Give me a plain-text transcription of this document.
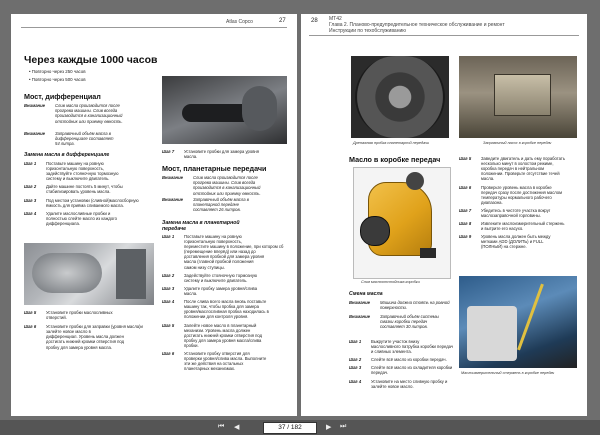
Atlas Copco	27
Через каждые 1000 часов
• Повторно через 250 часов
• Повторно через 500 часов
Мост, дифференциал
Внимание Слив масла производится после
прогрева машины. Слив всегда
производится в канализационный
отстойник или приемку емкость.
Внимание Заправочный объём масла в
дифференциале составляет
54 литра.
Замена масла в дифференциале
Шаг 1 Поставьте машину на ровную
горизонтальную поверхность,
задействуйте стояночную тормозную
систему и выключите двигатель.
Шаг 2 Дайте машине постоять 5 минут, чтобы
стабилизировать уровень масла.
Шаг 3 Под местом установки (сливной)маслосборную
ёмкость для приёма сливаемого масла.
Шаг 4 Удалите маслосливные пробки и
полностью слейте масло из каждого
дифференциала.
Шаг 5 Установите пробки маслосливных
отверстий.
Шаг 6 Установите пробки для заправки (уровня масла)и
залейте новое масло в
дифференциал. Уровень масла должен
достигать нижней кромки отверстия под
пробку для замера уровня масла.
Шаг 7 Установите пробки для замера уровня
масла.
Мост, планетарные передачи
Внимание Слив масла производится после
прогрева машины. Слив всегда
производится в канализационный
отстойник или приемку емкость.
Внимание Заправочный объём масла в
планетарной передаче
составляет 26 литров.
Замена масла в планетарной
передаче
Шаг 1 Поставьте машину на ровную
горизонтальную поверхность,
переместите машину в положение, при котором сб
(перемещение вперёд) или назад до
доставления пробкой для замера уровня
масла (главной пробкой положения
самом низу ступицы.
Шаг 2 Задействуйте стояночную тормозную
систему и выключите двигатель.
Шаг 3 Удалите пробку замера уровня/слива
масла.
Шаг 4 После слива всего масла вновь поставьте
машину так, чтобы пробка для замера
уровня/маслосливная пробка находилась в
положении для контроля уровня.
Шаг 5 Залейте новое масло в планетарный
механизм. Уровень масла должен
достигать нижней кромки отверстия под
пробку для замера уровня масла/слива
пробки.
Шаг 6 Установите пробку отверстия для
проверки уровня/слива масла. Выполните
эти же действия на остальных
планетарных механизмах.
28 MT42
Глава 2. Планово-предупредительное техническое обслуживание и ремонт
Инструкции по техобслуживанию
Дренажная пробка планетарной передачи	Заправочный насос в коробке передач
Масло в коробке передач
Слив маслоотстойника коробки
Смена масла
Внимание Машина должна стоять на ровной
поверхности.
Внимание Заправочный объём системы
смазки коробки передач
составляет 30 литров.
Шаг 1 Выкрутите участок внизу
маслосливного патрубка коробки передач
и сливных элемента.
Шаг 2 Слейте всё масло из коробки передач.
Шаг 3 Слейте всё масло из охладителя коробки
передач.
Шаг 4 Установите на место сливную пробку и
залейте новое масло.
Шаг 5 Заведите двигатель и дать ему поработать
несколько минут в холостом режиме,
коробка передач в нейтральном
положении. Проверьте отсутствие течей
масла.
Шаг 6 Проверьте уровень масла в коробке
передач сразу после достижения маслом
температуры нормального рабочего
диапазона.
Шаг 7 Убедитесь в чистоте участка вокруг
маслозаправочной горловины.
Шаг 8 Извлеките маслоизмерительный стержень
и вытрите его насухо.
Шаг 9 Уровень масла должен быть между
метками ADD (ДОЛИТЬ) и FULL
(ПОЛНЫЙ) на стержне.
Маслоизмерительный стержень в коробке передач
⏮ ◀	37 / 182	▶ ⏭
